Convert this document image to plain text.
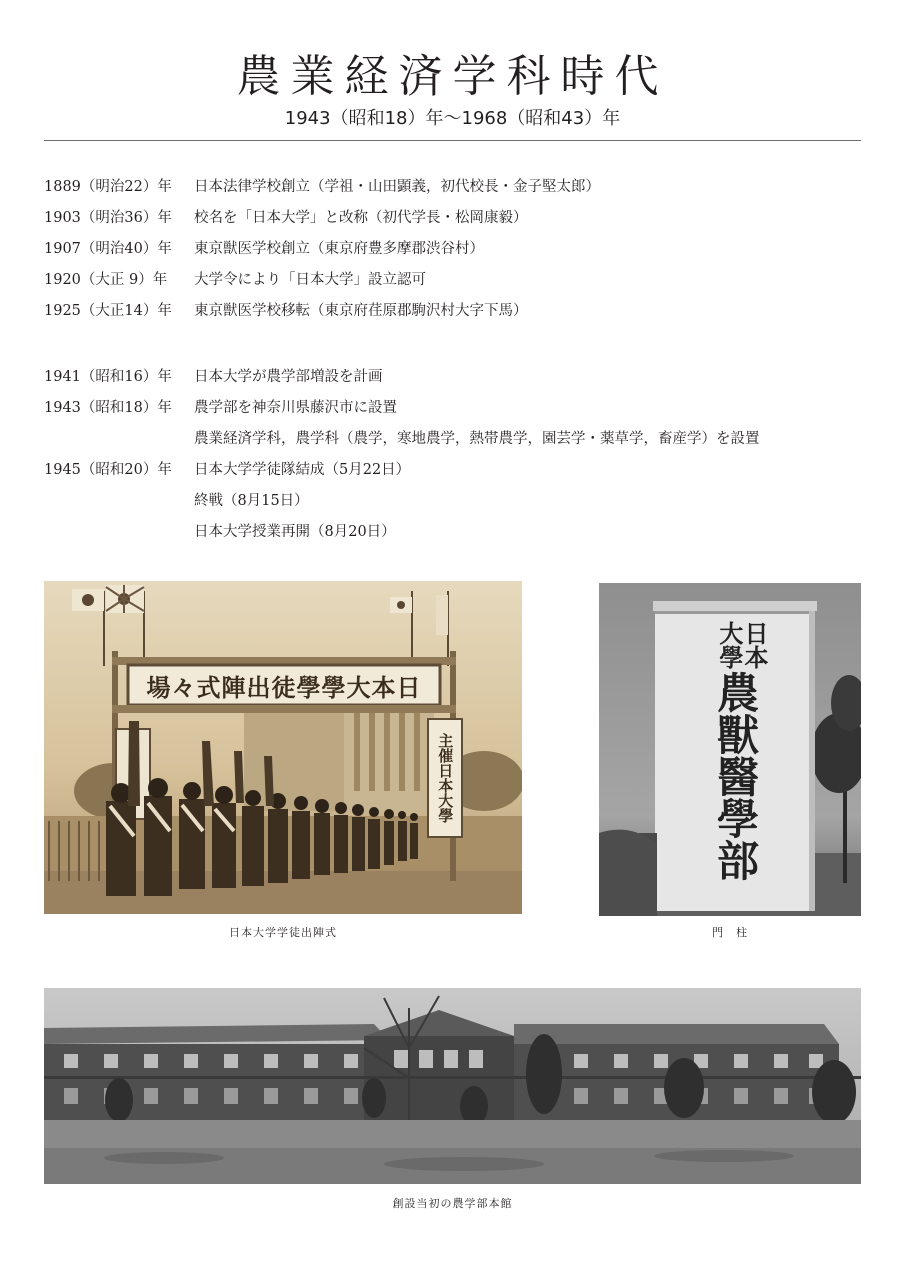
農業経済学科時代
1943（昭和18）年〜1968（昭和43）年
1889（明治22）年	日本法律学校創立（学祖・山田顕義，初代校長・金子堅太郎）
1903（明治36）年	校名を「日本大学」と改称（初代学長・松岡康毅）
1907（明治40）年	東京獣医学校創立（東京府豊多摩郡渋谷村）
1920（大正 9）年	大学令により「日本大学」設立認可
1925（大正14）年	東京獣医学校移転（東京府荏原郡駒沢村大字下馬）
1941（昭和16）年	日本大学が農学部増設を計画
1943（昭和18）年	農学部を神奈川県藤沢市に設置
農業経済学科，農学科（農学，寒地農学，熱帯農学，園芸学・薬草学，畜産学）を設置
1945（昭和20）年	日本大学学徒隊結成（5月22日）
終戦（8月15日）
日本大学授業再開（8月20日）
場々式陣出徒學學大本日
主催日本大學
日本大学学徒出陣式
日本大學
農獸醫學部
門　柱
創設当初の農学部本館
